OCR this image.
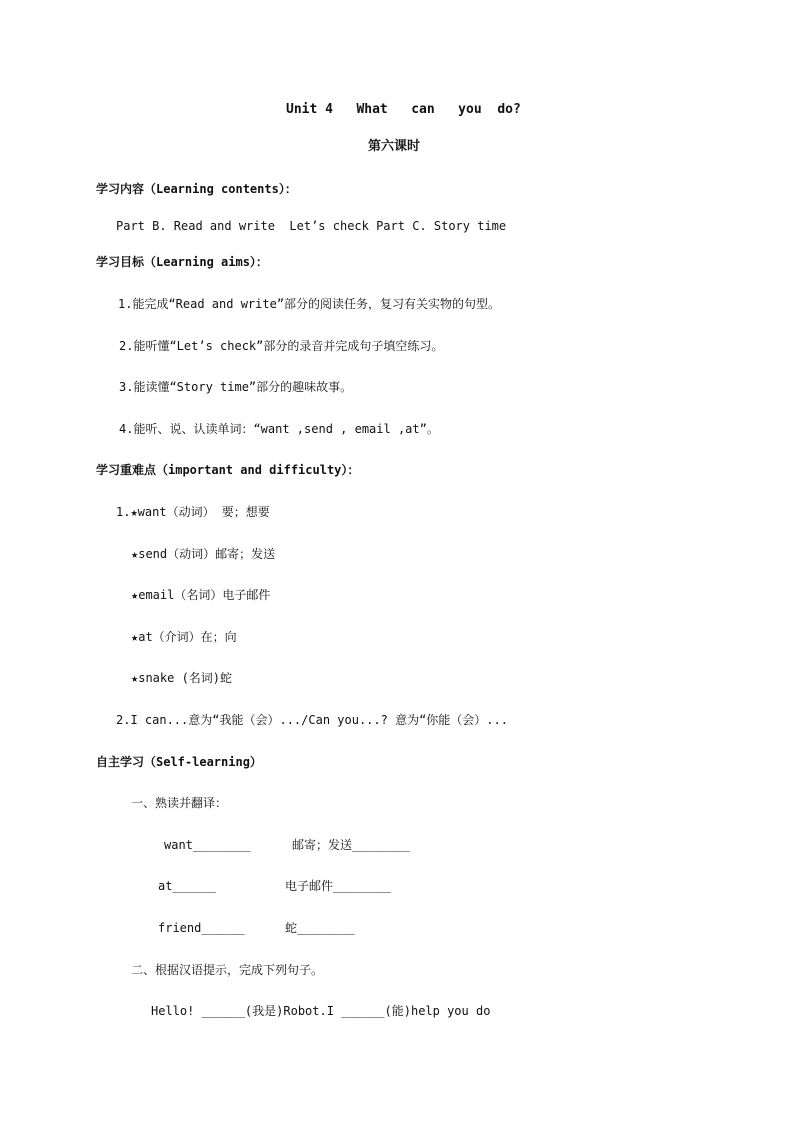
Unit 4   What   can   you  do?
第六课时
学习内容（Learning contents）：
Part B. Read and write  Let’s check Part C. Story time
学习目标（Learning aims）：
1.能完成“Read and write”部分的阅读任务，复习有关实物的句型。
2.能听懂“Let’s check”部分的录音并完成句子填空练习。
3.能读懂“Story time”部分的趣味故事。
4.能听、说、认读单词：“want ,send , email ,at”。
学习重难点（important and difficulty）：
1.★want（动词） 要；想要
★send（动词）邮寄；发送
★email（名词）电子邮件
★at（介词）在；向
★snake (名词)蛇
2.I can...意为“我能（会）.../Can you...? 意为“你能（会）...
自主学习（Self-learning）
一、熟读并翻译：
want________	邮寄；发送________
at______	电子邮件________
friend______	蛇________
二、根据汉语提示，完成下列句子。
Hello! ______(我是)Robot.I ______(能)help you do
